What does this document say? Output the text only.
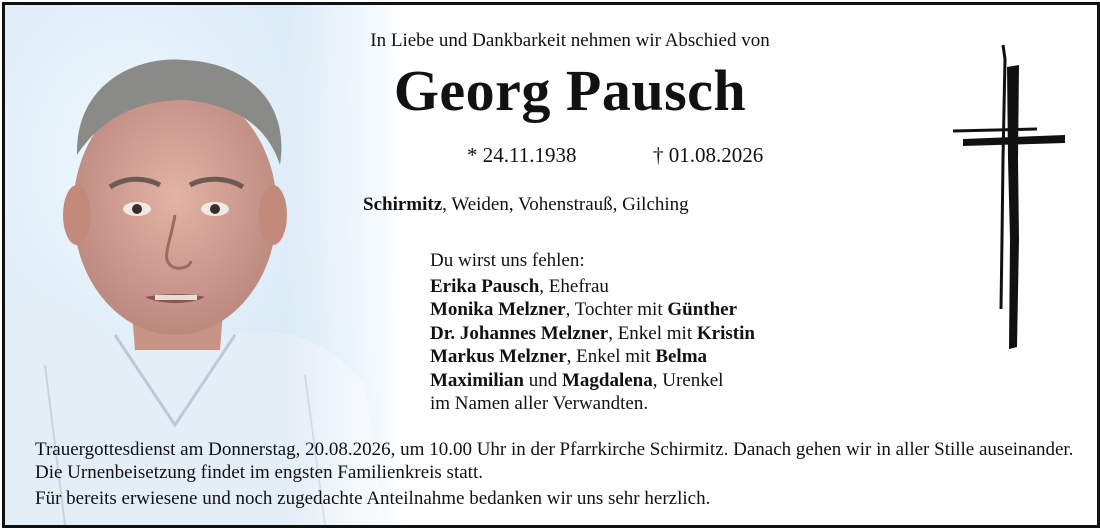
In Liebe und Dankbarkeit nehmen wir Abschied von
Georg Pausch
* 24.11.1938	† 01.08.2026
Schirmitz, Weiden, Vohenstrauß, Gilching
Du wirst uns fehlen:
Erika Pausch, Ehefrau
Monika Melzner, Tochter mit Günther
Dr. Johannes Melzner, Enkel mit Kristin
Markus Melzner, Enkel mit Belma
Maximilian und Magdalena, Urenkel
im Namen aller Verwandten.
Trauergottesdienst am Donnerstag, 20.08.2026, um 10.00 Uhr in der Pfarrkirche Schirmitz. Danach gehen wir in aller Stille auseinander. Die Urnenbeisetzung findet im engsten Familienkreis statt.
Für bereits erwiesene und noch zugedachte Anteilnahme bedanken wir uns sehr herzlich.
